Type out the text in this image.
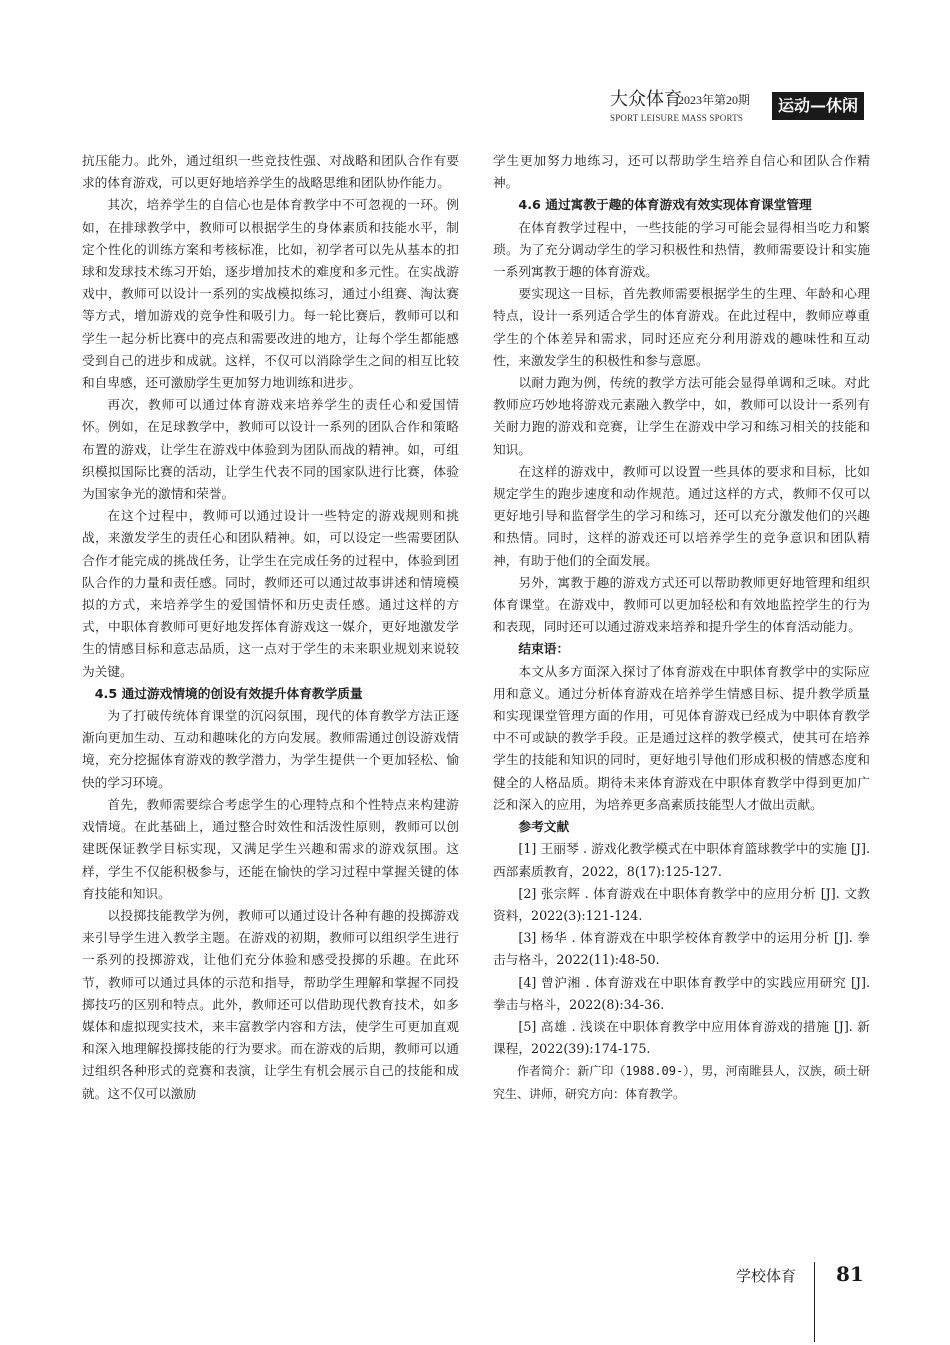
大众体育
2023年第20期
SPORT LEISURE MASS SPORTS
运动—休闲

抗压能力。此外，通过组织一些竞技性强、对战略和团队合作有要求的体育游戏，可以更好地培养学生的战略思维和团队协作能力。

其次，培养学生的自信心也是体育教学中不可忽视的一环。例如，在排球教学中，教师可以根据学生的身体素质和技能水平，制定个性化的训练方案和考核标准，比如，初学者可以先从基本的扣球和发球技术练习开始，逐步增加技术的难度和多元性。在实战游戏中，教师可以设计一系列的实战模拟练习，通过小组赛、淘汰赛等方式，增加游戏的竞争性和吸引力。每一轮比赛后，教师可以和学生一起分析比赛中的亮点和需要改进的地方，让每个学生都能感受到自己的进步和成就。这样，不仅可以消除学生之间的相互比较和自卑感，还可激励学生更加努力地训练和进步。

再次，教师可以通过体育游戏来培养学生的责任心和爱国情怀。例如，在足球教学中，教师可以设计一系列的团队合作和策略布置的游戏，让学生在游戏中体验到为团队而战的精神。如，可组织模拟国际比赛的活动，让学生代表不同的国家队进行比赛，体验为国家争光的激情和荣誉。

在这个过程中，教师可以通过设计一些特定的游戏规则和挑战，来激发学生的责任心和团队精神。如，可以设定一些需要团队合作才能完成的挑战任务，让学生在完成任务的过程中，体验到团队合作的力量和责任感。同时，教师还可以通过故事讲述和情境模拟的方式，来培养学生的爱国情怀和历史责任感。通过这样的方式，中职体育教师可更好地发挥体育游戏这一媒介，更好地激发学生的情感目标和意志品质，这一点对于学生的未来职业规划来说较为关键。

4.5 通过游戏情境的创设有效提升体育教学质量

为了打破传统体育课堂的沉闷氛围，现代的体育教学方法正逐渐向更加生动、互动和趣味化的方向发展。教师需通过创设游戏情境，充分挖掘体育游戏的教学潜力，为学生提供一个更加轻松、愉快的学习环境。

首先，教师需要综合考虑学生的心理特点和个性特点来构建游戏情境。在此基础上，通过整合时效性和活泼性原则，教师可以创建既保证教学目标实现，又满足学生兴趣和需求的游戏氛围。这样，学生不仅能积极参与，还能在愉快的学习过程中掌握关键的体育技能和知识。

以投掷技能教学为例，教师可以通过设计各种有趣的投掷游戏来引导学生进入教学主题。在游戏的初期，教师可以组织学生进行一系列的投掷游戏，让他们充分体验和感受投掷的乐趣。在此环节，教师可以通过具体的示范和指导，帮助学生理解和掌握不同投掷技巧的区别和特点。此外，教师还可以借助现代教育技术，如多媒体和虚拟现实技术，来丰富教学内容和方法，使学生可更加直观和深入地理解投掷技能的行为要求。而在游戏的后期，教师可以通过组织各种形式的竞赛和表演，让学生有机会展示自己的技能和成就。这不仅可以激励

学生更加努力地练习，还可以帮助学生培养自信心和团队合作精神。

4.6 通过寓教于趣的体育游戏有效实现体育课堂管理

在体育教学过程中，一些技能的学习可能会显得相当吃力和繁琐。为了充分调动学生的学习积极性和热情，教师需要设计和实施一系列寓教于趣的体育游戏。

要实现这一目标，首先教师需要根据学生的生理、年龄和心理特点，设计一系列适合学生的体育游戏。在此过程中，教师应尊重学生的个体差异和需求，同时还应充分利用游戏的趣味性和互动性，来激发学生的积极性和参与意愿。

以耐力跑为例，传统的教学方法可能会显得单调和乏味。对此教师应巧妙地将游戏元素融入教学中，如，教师可以设计一系列有关耐力跑的游戏和竞赛，让学生在游戏中学习和练习相关的技能和知识。

在这样的游戏中，教师可以设置一些具体的要求和目标，比如规定学生的跑步速度和动作规范。通过这样的方式，教师不仅可以更好地引导和监督学生的学习和练习，还可以充分激发他们的兴趣和热情。同时，这样的游戏还可以培养学生的竞争意识和团队精神，有助于他们的全面发展。

另外，寓教于趣的游戏方式还可以帮助教师更好地管理和组织体育课堂。在游戏中，教师可以更加轻松和有效地监控学生的行为和表现，同时还可以通过游戏来培养和提升学生的体育活动能力。

结束语：

本文从多方面深入探讨了体育游戏在中职体育教学中的实际应用和意义。通过分析体育游戏在培养学生情感目标、提升教学质量和实现课堂管理方面的作用，可见体育游戏已经成为中职体育教学中不可或缺的教学手段。正是通过这样的教学模式，使其可在培养学生的技能和知识的同时，更好地引导他们形成积极的情感态度和健全的人格品质。期待未来体育游戏在中职体育教学中得到更加广泛和深入的应用，为培养更多高素质技能型人才做出贡献。

参考文献

[1] 王丽琴 . 游戏化教学模式在中职体育篮球教学中的实施 [J]. 西部素质教育，2022，8(17):125-127.

[2] 张宗辉 . 体育游戏在中职体育教学中的应用分析 [J]. 文教资料，2022(3):121-124.

[3] 杨华 . 体育游戏在中职学校体育教学中的运用分析 [J]. 拳击与格斗，2022(11):48-50.

[4] 曾沪湘 . 体育游戏在中职体育教学中的实践应用研究 [J]. 拳击与格斗，2022(8):34-36.

[5] 高雄 . 浅谈在中职体育教学中应用体育游戏的措施 [J]. 新课程，2022(39):174-175.

作者简介：新广印（1988.09-），男，河南睢县人，汉族，硕士研究生、讲师，研究方向：体育教学。

学校体育 81
